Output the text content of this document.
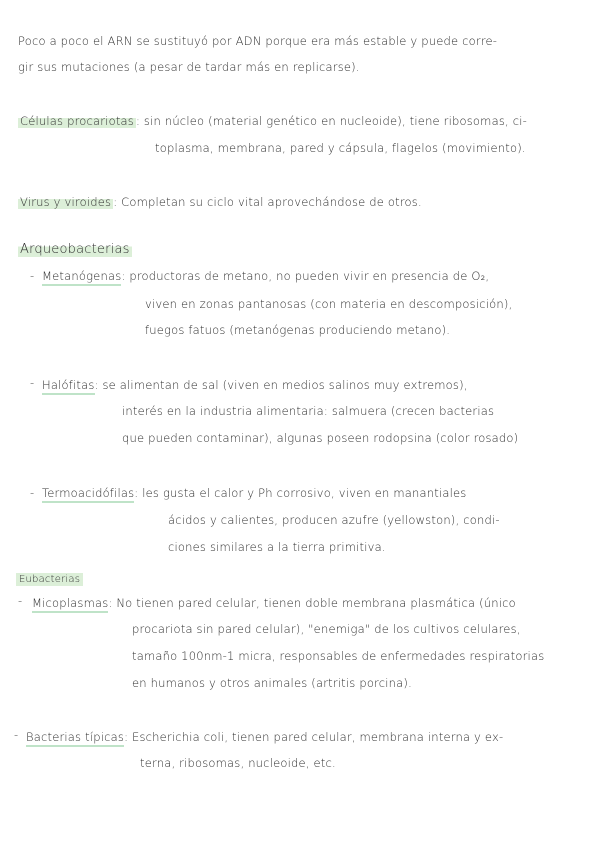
Poco a poco el ARN se sustituyó por ADN porque era más estable y puede corre-
gir sus mutaciones (a pesar de tardar más en replicarse).
Células procariotas : sin núcleo (material genético en nucleoide), tiene ribosomas, ci-
toplasma, membrana, pared y cápsula, flagelos (movimiento).
Virus y viroides : Completan su ciclo vital aprovechándose de otros.
Arqueobacterias
- Metanógenas: productoras de metano, no pueden vivir en presencia de O₂,
viven en zonas pantanosas (con materia en descomposición),
fuegos fatuos (metanógenas produciendo metano).
- Halófitas: se alimentan de sal (viven en medios salinos muy extremos),
interés en la industria alimentaria: salmuera (crecen bacterias
que pueden contaminar), algunas poseen rodopsina (color rosado)
- Termoacidófilas: les gusta el calor y Ph corrosivo, viven en manantiales
ácidos y calientes, producen azufre (yellowston), condi-
ciones similares a la tierra primitiva.
Eubacterias
- Micoplasmas: No tienen pared celular, tienen doble membrana plasmática (único
procariota sin pared celular), "enemiga" de los cultivos celulares,
tamaño 100nm-1 micra, responsables de enfermedades respiratorias
en humanos y otros animales (artritis porcina).
- Bacterias típicas: Escherichia coli, tienen pared celular, membrana interna y ex-
terna, ribosomas, nucleoide, etc.
